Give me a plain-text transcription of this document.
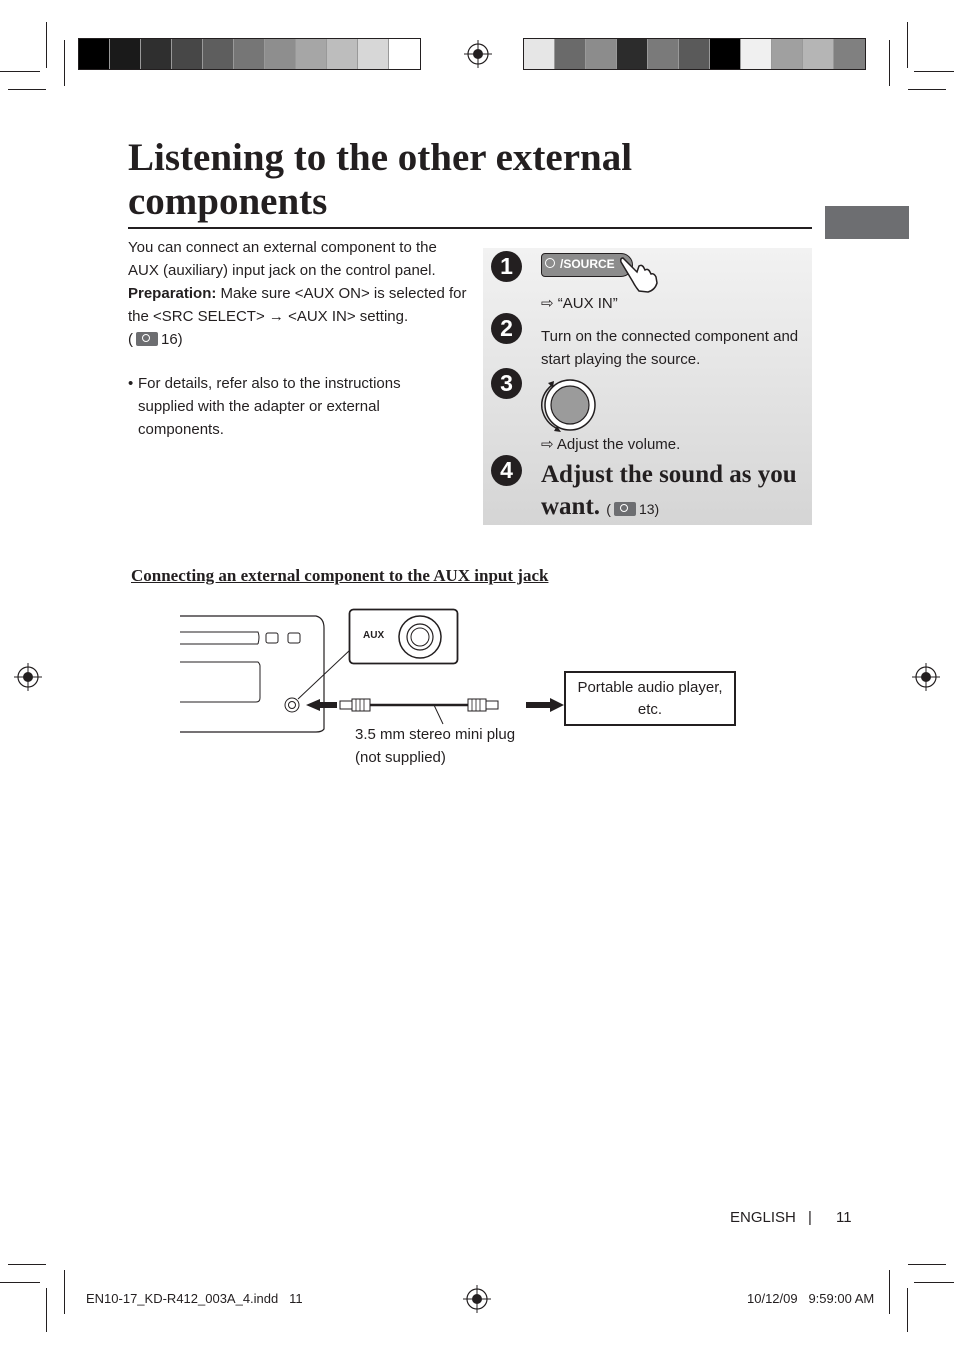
Listening to the other external components
You can connect an external component to the AUX (auxiliary) input jack on the control panel.
Preparation: Make sure <AUX ON> is selected for the <SRC SELECT> → <AUX IN> setting.
( 16)
• For details, refer also to the instructions supplied with the adapter or external components.
1	/SOURCE
⇨ “AUX IN”
2	Turn on the connected component and start playing the source.
3
⇨ Adjust the volume.
4	Adjust the sound as you want. ( 13)
Connecting an external component to the AUX input jack
AUX
Portable audio player, etc.
3.5 mm stereo mini plug
(not supplied)
ENGLISH | 11
EN10-17_KD-R412_003A_4.indd   11	10/12/09   9:59:00 AM
